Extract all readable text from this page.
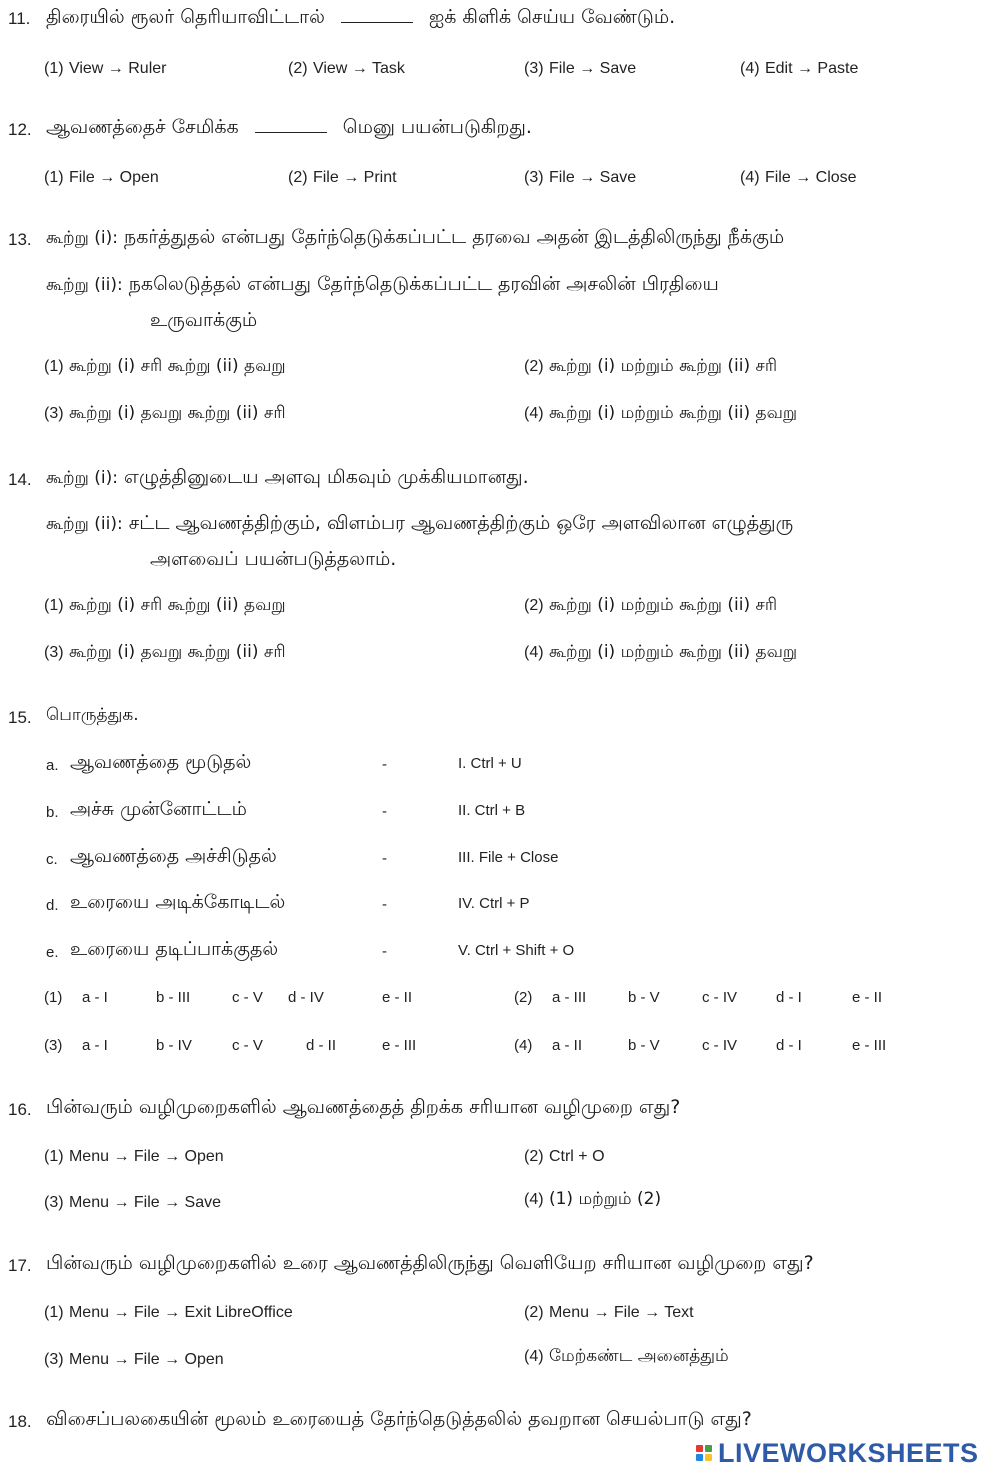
11. திரையில் ரூலர் தெரியாவிட்டால்	ஐக் கிளிக் செய்ய வேண்டும்.
(1) View → Ruler	(2) View → Task	(3) File → Save	(4) Edit → Paste
12. ஆவணத்தைச் சேமிக்க	மெனு பயன்படுகிறது.
(1) File → Open	(2) File → Print	(3) File → Save	(4) File → Close
13. கூற்று (i): நகர்த்துதல் என்பது தேர்ந்தெடுக்கப்பட்ட தரவை அதன் இடத்திலிருந்து நீக்கும்
கூற்று (ii): நகலெடுத்தல் என்பது தேர்ந்தெடுக்கப்பட்ட தரவின் அசலின் பிரதியை
உருவாக்கும்
(1) கூற்று (i) சரி கூற்று (ii) தவறு	(2) கூற்று (i) மற்றும் கூற்று (ii) சரி
(3) கூற்று (i) தவறு கூற்று (ii) சரி	(4) கூற்று (i) மற்றும் கூற்று (ii) தவறு
14. கூற்று (i): எழுத்தினுடைய அளவு மிகவும் முக்கியமானது.
கூற்று (ii): சட்ட ஆவணத்திற்கும், விளம்பர ஆவணத்திற்கும் ஒரே அளவிலான எழுத்துரு
அளவைப் பயன்படுத்தலாம்.
(1) கூற்று (i) சரி கூற்று (ii) தவறு	(2) கூற்று (i) மற்றும் கூற்று (ii) சரி
(3) கூற்று (i) தவறு கூற்று (ii) சரி	(4) கூற்று (i) மற்றும் கூற்று (ii) தவறு
15. பொருத்துக.
a. ஆவணத்தை மூடுதல்	-	I. Ctrl + U
b. அச்சு முன்னோட்டம்	-	II. Ctrl + B
c. ஆவணத்தை அச்சிடுதல்	-	III. File + Close
d. உரையை அடிக்கோடிடல்	-	IV. Ctrl + P
e. உரையை தடிப்பாக்குதல்	-	V. Ctrl + Shift + O
(1) a - I	b - III	c - V d - IV	e - II	(2) a - III	b - V	c - IV	d - I	e - II
(3) a - I	b - IV	c - V	d - II	e - III	(4) a - II	b - V	c - IV	d - I	e - III
16. பின்வரும் வழிமுறைகளில் ஆவணத்தைத் திறக்க சரியான வழிமுறை எது?
(1) Menu → File → Open	(2) Ctrl + O
(3) Menu → File → Save	(4) (1) மற்றும் (2)
17. பின்வரும் வழிமுறைகளில் உரை ஆவணத்திலிருந்து வெளியேற சரியான வழிமுறை எது?
(1) Menu → File → Exit LibreOffice	(2) Menu → File → Text
(3) Menu → File → Open	(4) மேற்கண்ட அனைத்தும்
18. விசைப்பலகையின் மூலம் உரையைத் தேர்ந்தெடுத்தலில் தவறான செயல்பாடு எது?
LIVEWORKSHEETS
